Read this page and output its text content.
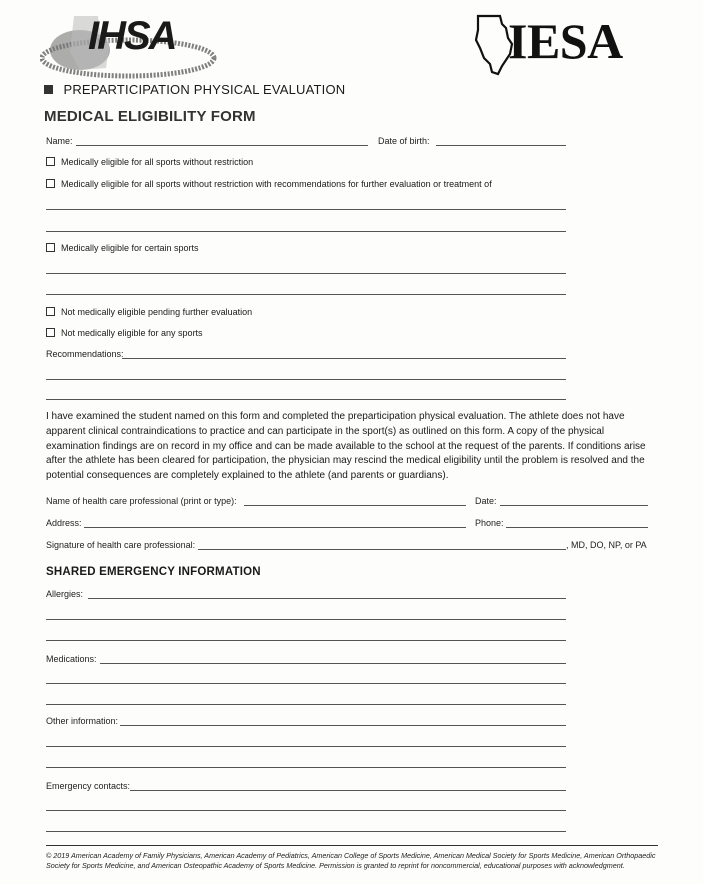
IHSA	IESA
PREPARTICIPATION PHYSICAL EVALUATION
MEDICAL ELIGIBILITY FORM
Name:	Date of birth:
Medically eligible for all sports without restriction
Medically eligible for all sports without restriction with recommendations for further evaluation or treatment of
Medically eligible for certain sports
Not medically eligible pending further evaluation
Not medically eligible for any sports
Recommendations:
I have examined the student named on this form and completed the preparticipation physical evaluation. The athlete does not have apparent clinical contraindications to practice and can participate in the sport(s) as outlined on this form. A copy of the physical examination findings are on record in my office and can be made available to the school at the request of the parents. If conditions arise after the athlete has been cleared for participation, the physician may rescind the medical eligibility until the problem is resolved and the potential consequences are completely explained to the athlete (and parents or guardians).
Name of health care professional (print or type):	Date:
Address:	Phone:
Signature of health care professional:	, MD, DO, NP, or PA
SHARED EMERGENCY INFORMATION
Allergies:
Medications:
Other information:
Emergency contacts:
© 2019 American Academy of Family Physicians, American Academy of Pediatrics, American College of Sports Medicine, American Medical Society for Sports Medicine, American Orthopaedic Society for Sports Medicine, and American Osteopathic Academy of Sports Medicine. Permission is granted to reprint for noncommercial, educational purposes with acknowledgment.
